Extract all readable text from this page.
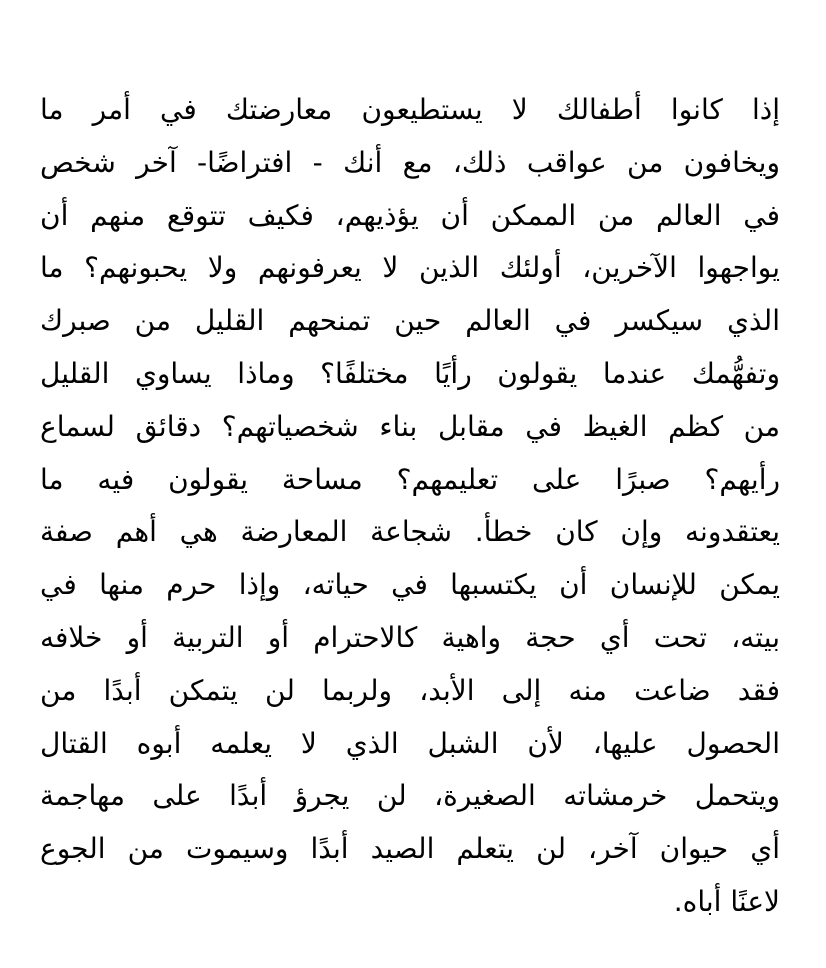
إذا كانوا أطفالك لا يستطيعون معارضتك في أمر ما
ويخافون من عواقب ذلك، مع أنك - افتراضًا- آخر شخص
في العالم من الممكن أن يؤذيهم، فكيف تتوقع منهم أن
يواجهوا الآخرين، أولئك الذين لا يعرفونهم ولا يحبونهم؟ ما
الذي سيكسر في العالم حين تمنحهم القليل من صبرك
وتفهُّمك عندما يقولون رأيًا مختلفًا؟ وماذا يساوي القليل
من كظم الغيظ في مقابل بناء شخصياتهم؟ دقائق لسماع
رأيهم؟ صبرًا على تعليمهم؟ مساحة يقولون فيه ما
يعتقدونه وإن كان خطأ. شجاعة المعارضة هي أهم صفة
يمكن للإنسان أن يكتسبها في حياته، وإذا حرم منها في
بيته، تحت أي حجة واهية كالاحترام أو التربية أو خلافه
فقد ضاعت منه إلى الأبد، ولربما لن يتمكن أبدًا من
الحصول عليها، لأن الشبل الذي لا يعلمه أبوه القتال
ويتحمل خرمشاته الصغيرة، لن يجرؤ أبدًا على مهاجمة
أي حيوان آخر، لن يتعلم الصيد أبدًا وسيموت من الجوع
لاعنًا أباه.
